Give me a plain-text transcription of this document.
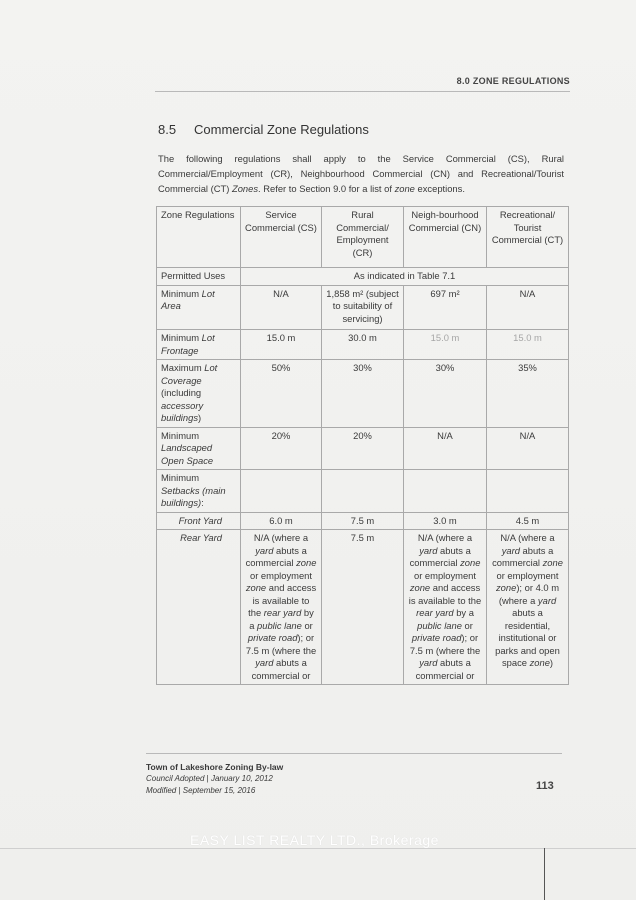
8.0 ZONE REGULATIONS
8.5 Commercial Zone Regulations
The following regulations shall apply to the Service Commercial (CS), Rural Commercial/Employment (CR), Neighbourhood Commercial (CN) and Recreational/Tourist Commercial (CT) Zones. Refer to Section 9.0 for a list of zone exceptions.
Zone Regulations	Service Commercial (CS)	Rural Commercial/ Employment (CR)	Neigh-bourhood Commercial (CN)	Recreational/ Tourist Commercial (CT)
Permitted Uses	As indicated in Table 7.1			
Minimum Lot Area	N/A	1,858 m² (subject to suitability of servicing)	697 m²	N/A
Minimum Lot Frontage	15.0 m	30.0 m	15.0 m	15.0 m
Maximum Lot Coverage (including accessory buildings)	50%	30%	30%	35%
Minimum Landscaped Open Space	20%	20%	N/A	N/A
Minimum Setbacks (main buildings):				
Front Yard	6.0 m	7.5 m	3.0 m	4.5 m
Rear Yard	N/A (where a yard abuts a commercial zone or employment zone and access is available to the rear yard by a public lane or private road); or 7.5 m (where the yard abuts a commercial or	7.5 m	N/A (where a yard abuts a commercial zone or employment zone and access is available to the rear yard by a public lane or private road); or 7.5 m (where the yard abuts a commercial or	N/A (where a yard abuts a commercial zone or employment zone); or 4.0 m (where a yard abuts a residential, institutional or parks and open space zone)
Town of Lakeshore Zoning By-law
Council Adopted | January 10, 2012
Modified | September 15, 2016	113
EASY LIST REALTY LTD., Brokerage
